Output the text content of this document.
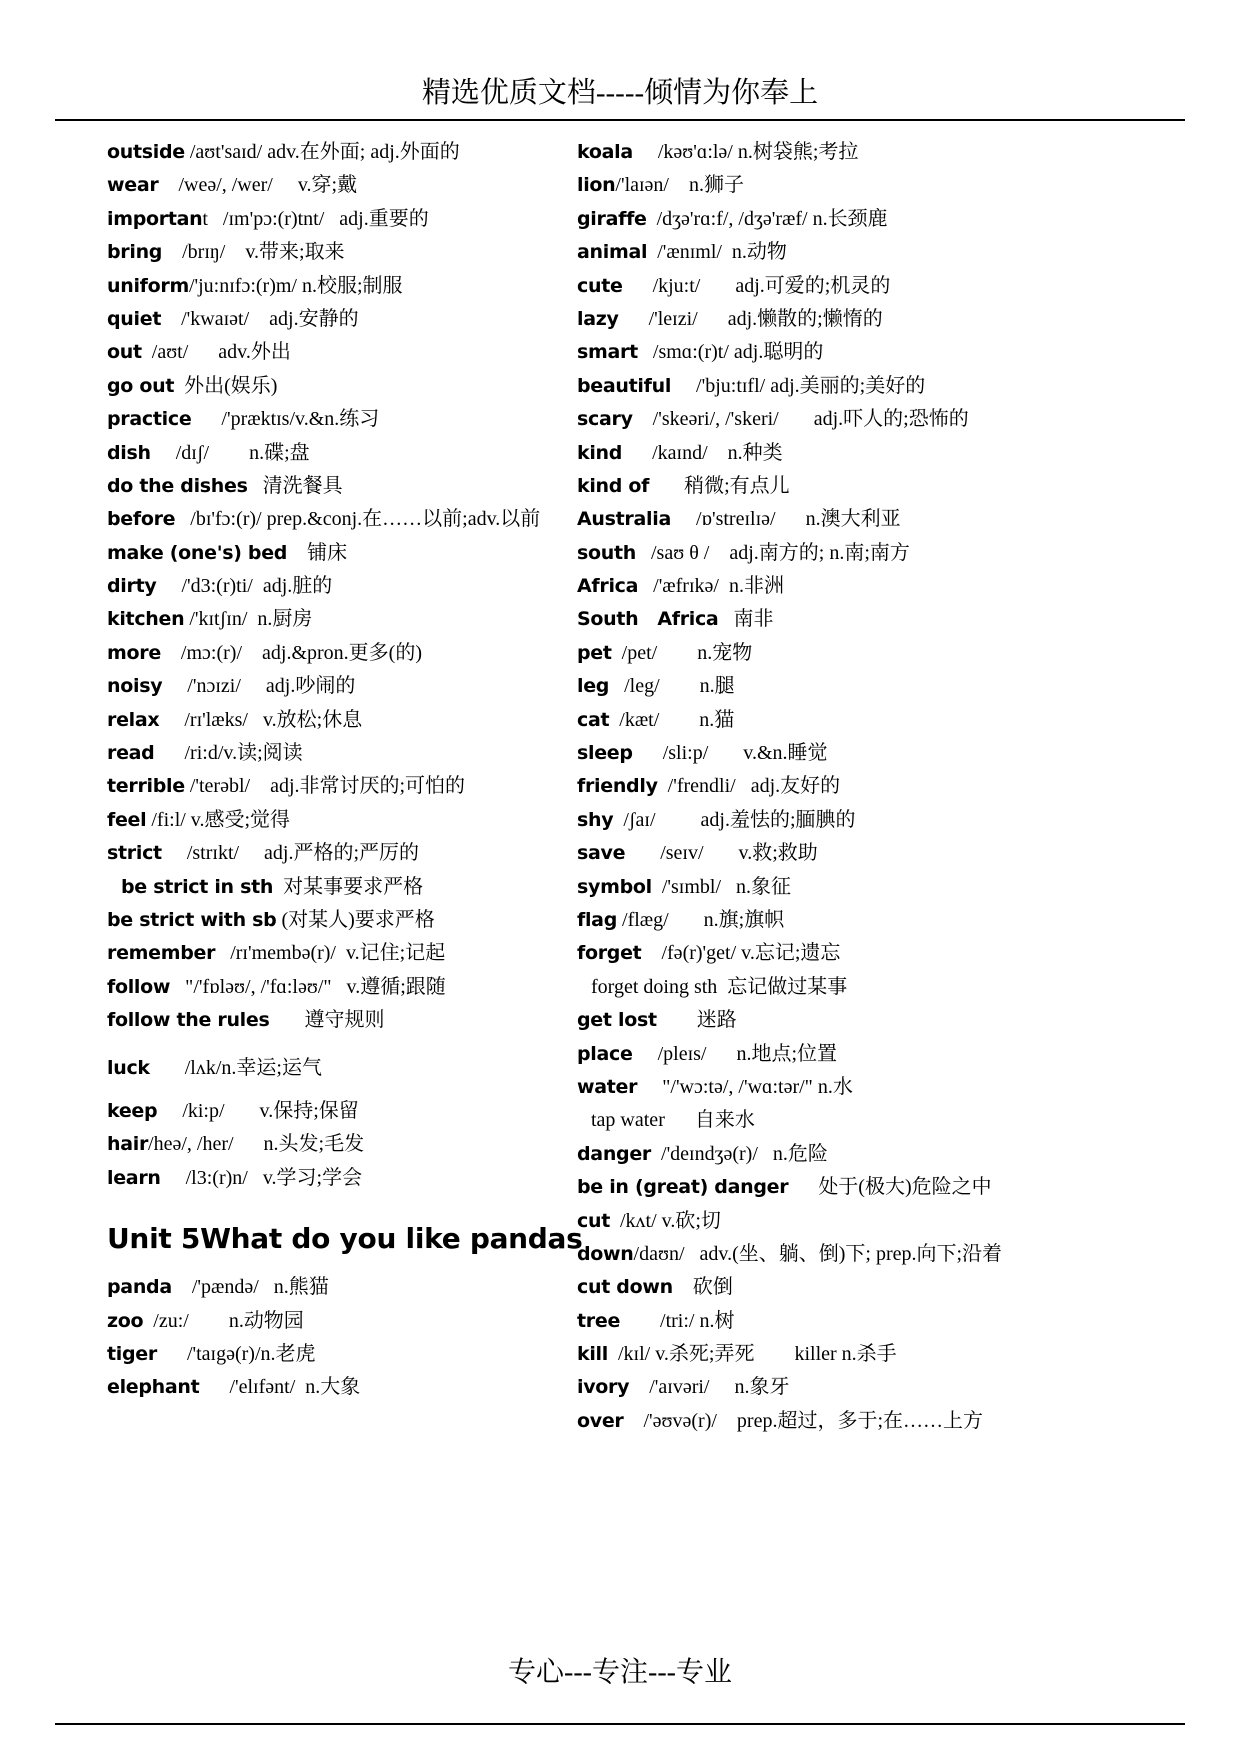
精选优质文档-----倾情为你奉上
outside /aʊt'saɪd/ adv.在外面; adj.外面的
wear    /weə/, /wer/     v.穿;戴
important   /ɪm'pɔ:(r)tnt/   adj.重要的
bring    /brɪŋ/    v.带来;取来
uniform/'ju:nɪfɔ:(r)m/ n.校服;制服
quiet    /'kwaɪət/    adj.安静的
out  /aʊt/      adv.外出
go out  外出(娱乐)
practice      /'præktɪs/v.&n.练习
dish     /dɪʃ/        n.碟;盘
do the dishes   清洗餐具
before   /bɪ'fɔ:(r)/ prep.&conj.在……以前;adv.以前
make (one's) bed    铺床
dirty     /'d3:(r)ti/  adj.脏的
kitchen /'kɪtʃɪn/  n.厨房
more    /mɔ:(r)/    adj.&pron.更多(的)
noisy     /'nɔɪzi/     adj.吵闹的
relax     /rɪ'læks/   v.放松;休息
read      /ri:d/v.读;阅读
terrible /'terəbl/    adj.非常讨厌的;可怕的
feel /fi:l/ v.感受;觉得
strict     /strɪkt/     adj.严格的;严厉的
be strict in sth  对某事要求严格
be strict with sb (对某人)要求严格
remember   /rɪ'membə(r)/  v.记住;记起
follow   "/'fɒləʊ/, /'fɑ:ləʊ/"   v.遵循;跟随
follow the rules       遵守规则
luck       /lʌk/n.幸运;运气
keep     /ki:p/       v.保持;保留
hair/heə/, /her/      n.头发;毛发
learn     /l3:(r)n/   v.学习;学会
Unit 5What do you like pandas
panda    /'pændə/   n.熊猫
zoo  /zu:/        n.动物园
tiger      /'taɪgə(r)/n.老虎
elephant      /'elɪfənt/  n.大象
koala     /kəʊ'ɑ:lə/ n.树袋熊;考拉
lion/'laɪən/    n.狮子
giraffe  /dʒə'rɑ:f/, /dʒə'ræf/ n.长颈鹿
animal  /'ænɪml/  n.动物
cute      /kju:t/       adj.可爱的;机灵的
lazy      /'leɪzi/      adj.懒散的;懒惰的
smart   /smɑ:(r)t/ adj.聪明的
beautiful     /'bju:tɪfl/ adj.美丽的;美好的
scary    /'skeəri/, /'skeri/       adj.吓人的;恐怖的
kind      /kaɪnd/    n.种类
kind of       稍微;有点儿
Australia     /ɒ'streɪlɪə/      n.澳大利亚
south   /saʊ θ /    adj.南方的; n.南;南方
Africa   /'æfrɪkə/  n.非洲
South   Africa   南非
pet  /pet/        n.宠物
leg   /leg/        n.腿
cat  /kæt/        n.猫
sleep      /sli:p/       v.&n.睡觉
friendly  /'frendli/   adj.友好的
shy  /ʃaɪ/         adj.羞怯的;腼腆的
save       /seɪv/       v.救;救助
symbol  /'sɪmbl/   n.象征
flag /flæg/       n.旗;旗帜
forget    /fə(r)'get/ v.忘记;遗忘
forget doing sth  忘记做过某事
get lost        迷路
place     /pleɪs/      n.地点;位置
water     "/'wɔ:tə/, /'wɑ:tər/" n.水
tap water      自来水
danger  /'deɪndʒə(r)/   n.危险
be in (great) danger      处于(极大)危险之中
cut  /kʌt/ v.砍;切
down/daʊn/   adv.(坐、躺、倒)下; prep.向下;沿着
cut down    砍倒
tree        /tri:/ n.树
kill  /kɪl/ v.杀死;弄死        killer n.杀手
ivory    /'aɪvəri/     n.象牙
over    /'əʊvə(r)/    prep.超过，多于;在……上方
专心---专注---专业
